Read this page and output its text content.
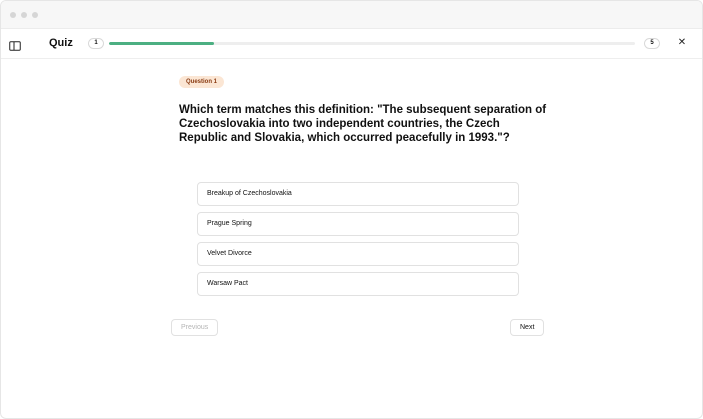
Quiz	1	5	✕
Question 1
Which term matches this definition: "The subsequent separation of Czechoslovakia into two independent countries, the Czech Republic and Slovakia, which occurred peacefully in 1993."?
Breakup of Czechoslovakia
Prague Spring
Velvet Divorce
Warsaw Pact
Previous	Next
